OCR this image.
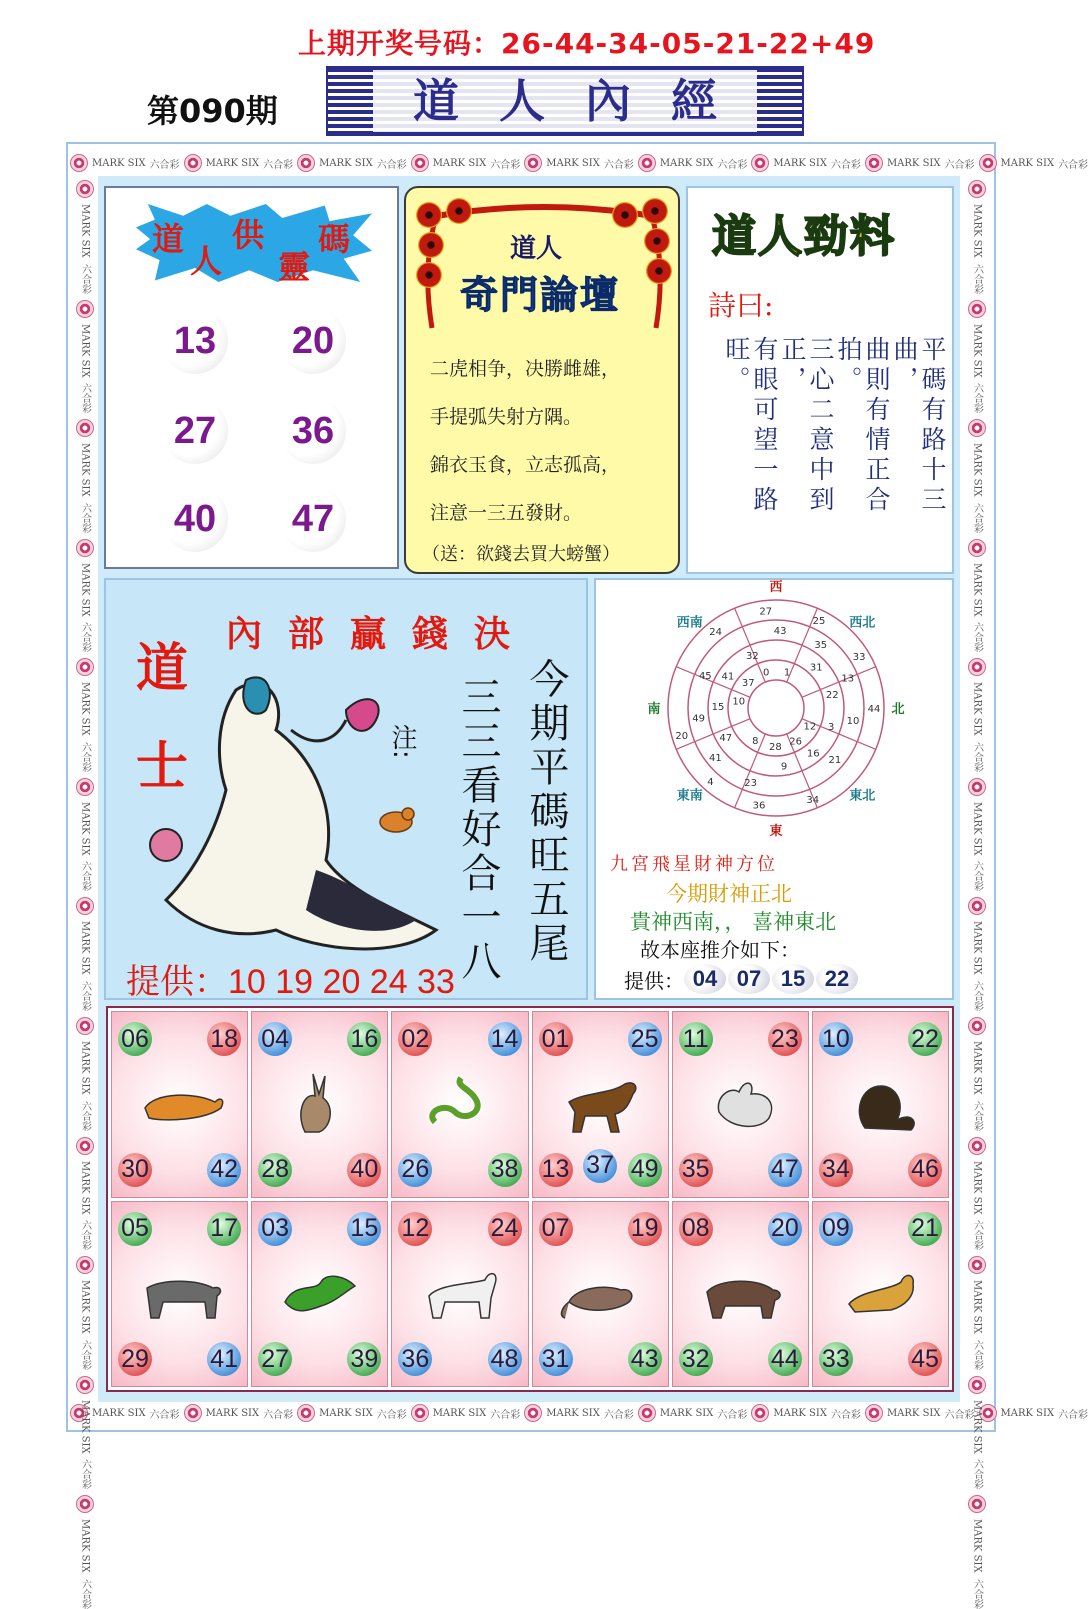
上期开奖号码：26-44-34-05-21-22+49
第090期	道人內經
MARK SIX 六合彩	MARK SIX 六合彩	MARK SIX 六合彩	MARK SIX 六合彩	MARK SIX 六合彩	MARK SIX 六合彩	MARK SIX 六合彩	MARK SIX 六合彩	MARK SIX 六合彩
MARK SIX 六合彩	MARK SIX 六合彩	MARK SIX 六合彩	MARK SIX 六合彩	MARK SIX 六合彩	MARK SIX 六合彩	MARK SIX 六合彩	MARK SIX 六合彩	MARK SIX 六合彩
MARK SIX
六合彩
MARK SIX
六合彩
MARK SIX
六合彩
MARK SIX
六合彩
MARK SIX
六合彩
MARK SIX
六合彩
MARK SIX
六合彩
MARK SIX
六合彩
MARK SIX
六合彩
MARK SIX
六合彩
MARK SIX
六合彩
MARK SIX
六合彩
MARK SIX
六合彩
MARK SIX
六合彩
MARK SIX
六合彩
MARK SIX
六合彩
MARK SIX
六合彩
MARK SIX
六合彩
MARK SIX
六合彩
MARK SIX
六合彩
MARK SIX
六合彩
MARK SIX
六合彩
MARK SIX
六合彩
MARK SIX
六合彩
道
人
供
靈
碼
13	20
27	36
40	47
道人
奇門論壇
二虎相争，决勝雌雄，
手提弧失射方隅。
錦衣玉食，立志孤高，
注意一三五發財。
（送：欲錢去買大螃蟹）
道人勁料
詩曰:
平碼有路十三曲，
曲則有情正合拍。
三心二意中到正，
有眼可望一路旺。
內部贏錢決
道
士	注:	今期平碼旺五尾
三三看好合一八
提供：10 19 20 24 33
西
西北
北
東北
東
東南
南
西南
44
21
9
8
20
45
32
1
33
10
16
28
4
49
41	0
25
13
3
26
36
41
15
37
27
35
22
12
34
23
47
10
24	43
31
九宮飛星財神方位
今期財神正北
貴神西南，， 喜神東北
故本座推介如下：
提供： 04 07 15 22
06 18
30 42
04 16
28 40
02 14
26 38
01 25
13 37 49
11 23
35 47
10 22
34 46
05 17
29 41
03 15
27 39
12 24
36 48
07 19
31 43
08 20
32 44
09 21
33 45
